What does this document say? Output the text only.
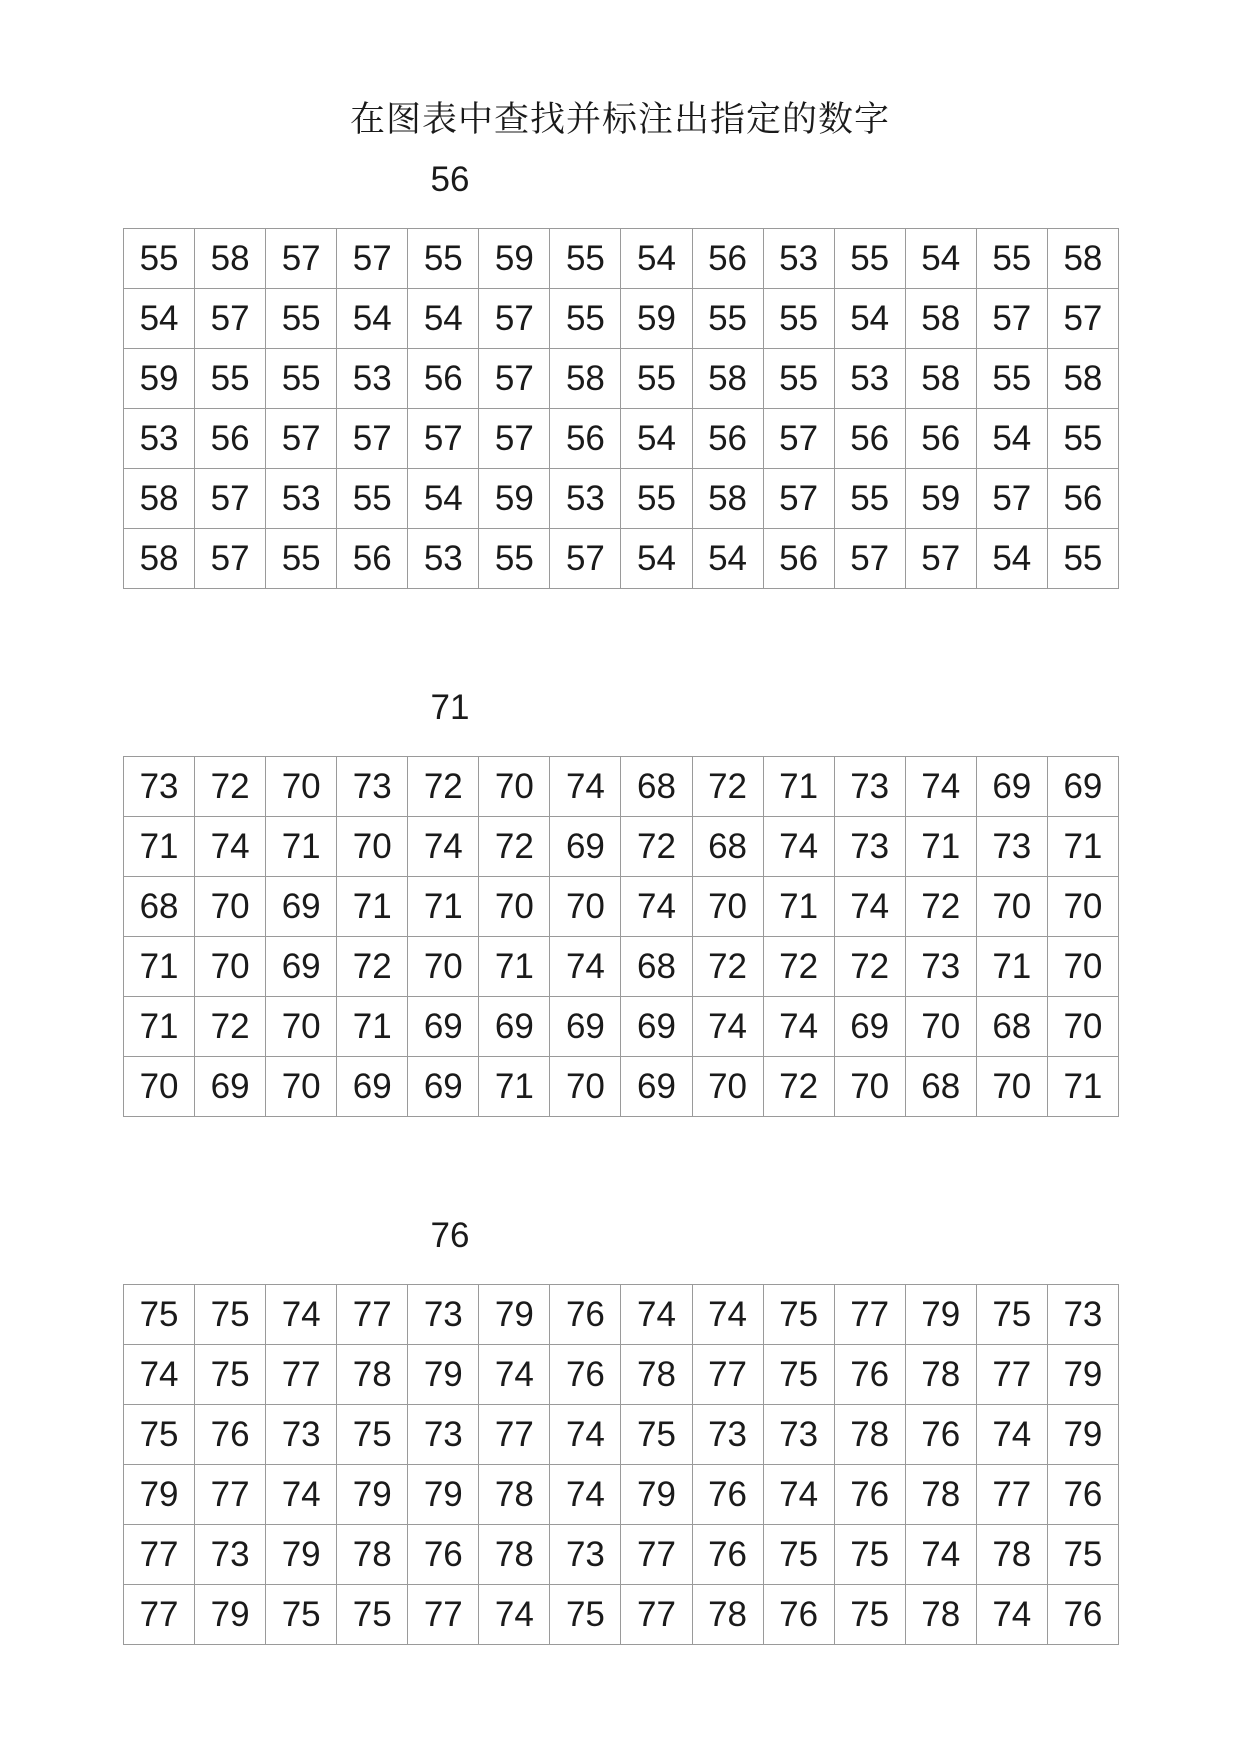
在图表中查找并标注出指定的数字
56
55	58	57	57	55	59	55	54	56	53	55	54	55	58
54	57	55	54	54	57	55	59	55	55	54	58	57	57
59	55	55	53	56	57	58	55	58	55	53	58	55	58
53	56	57	57	57	57	56	54	56	57	56	56	54	55
58	57	53	55	54	59	53	55	58	57	55	59	57	56
58	57	55	56	53	55	57	54	54	56	57	57	54	55
71
73	72	70	73	72	70	74	68	72	71	73	74	69	69
71	74	71	70	74	72	69	72	68	74	73	71	73	71
68	70	69	71	71	70	70	74	70	71	74	72	70	70
71	70	69	72	70	71	74	68	72	72	72	73	71	70
71	72	70	71	69	69	69	69	74	74	69	70	68	70
70	69	70	69	69	71	70	69	70	72	70	68	70	71
76
75	75	74	77	73	79	76	74	74	75	77	79	75	73
74	75	77	78	79	74	76	78	77	75	76	78	77	79
75	76	73	75	73	77	74	75	73	73	78	76	74	79
79	77	74	79	79	78	74	79	76	74	76	78	77	76
77	73	79	78	76	78	73	77	76	75	75	74	78	75
77	79	75	75	77	74	75	77	78	76	75	78	74	76
